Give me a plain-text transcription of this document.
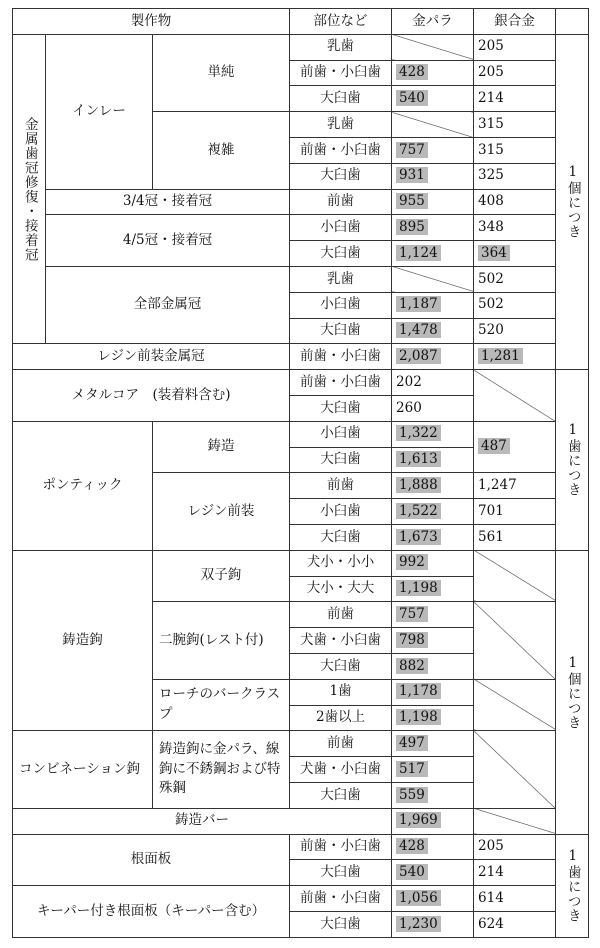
製作物			部位など	金パラ	銀合金	
金属歯冠修復・接着冠	インレー	単純	乳歯		205	1個につき
			前歯・小臼歯	428	205	
			大臼歯	540	214	
		複雑	乳歯		315	
			前歯・小臼歯	757	315	
			大臼歯	931	325	
	3/4冠・接着冠		前歯	955	408	
	4/5冠・接着冠		小臼歯	895	348	
			大臼歯	1,124	364	
	全部金属冠		乳歯		502	
			小臼歯	1,187	502	
			大臼歯	1,478	520	
レジン前装金属冠			前歯・小臼歯	2,087	1,281	
メタルコア　(装着料含む)			前歯・小臼歯	202		1歯につき
			大臼歯	260		
ポンティック		鋳造	小臼歯	1,322	487	
			大臼歯	1,613		
		レジン前装	前歯	1,888	1,247	
			小臼歯	1,522	701	
			大臼歯	1,673	561	
鋳造鉤		双子鉤	犬小・小小	992		1個につき
			大小・大大	1,198		
		二腕鉤(レスト付)	前歯	757		
			犬歯・小臼歯	798		
			大臼歯	882		
		ローチのバークラスプ	1歯	1,178		
			2歯以上	1,198		
コンビネーション鉤		鋳造鉤に金パラ、線鉤に不銹鋼および特殊鋼	前歯	497		
			犬歯・小臼歯	517		
			大臼歯	559		
鋳造バー				1,969		
根面板			前歯・小臼歯	428	205	1歯につき
			大臼歯	540	214	
キーパー付き根面板（キーパー含む）			前歯・小臼歯	1,056	614	
			大臼歯	1,230	624	
